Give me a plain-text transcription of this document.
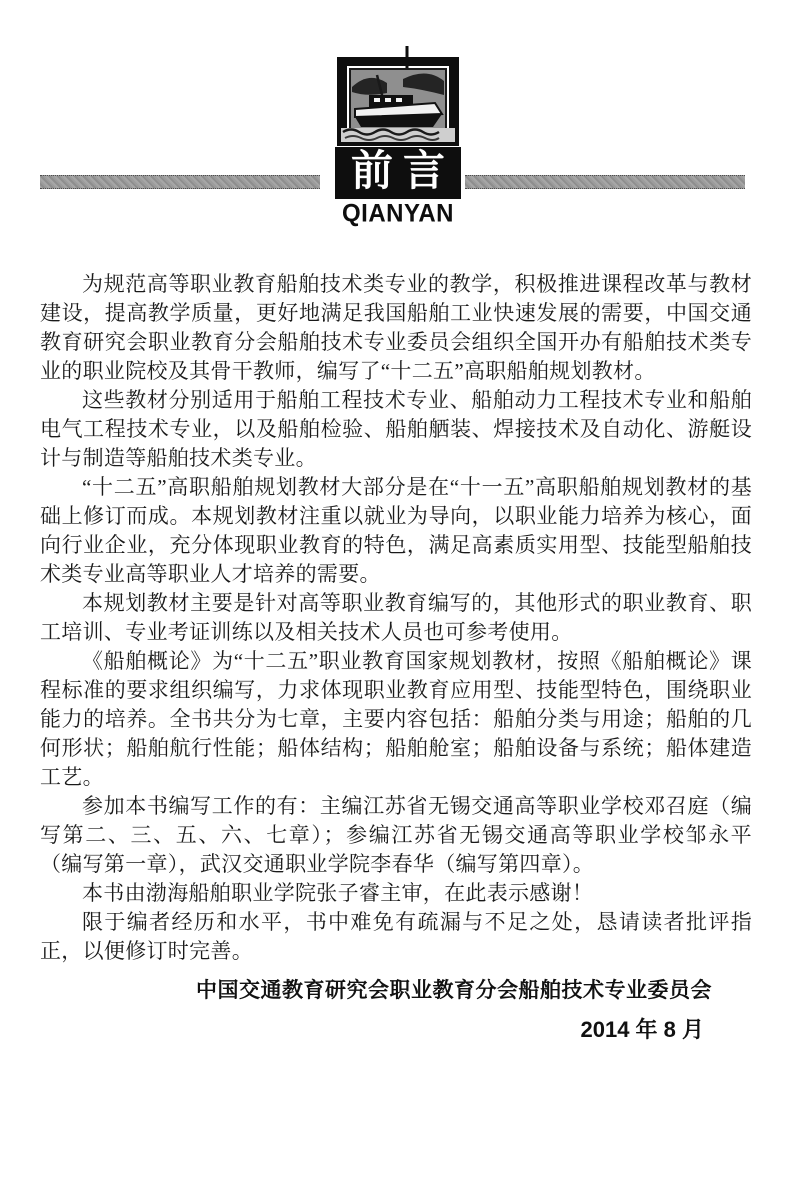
前言
QIANYAN

为规范高等职业教育船舶技术类专业的教学，积极推进课程改革与教材建设，提高教学质量，更好地满足我国船舶工业快速发展的需要，中国交通教育研究会职业教育分会船舶技术专业委员会组织全国开办有船舶技术类专业的职业院校及其骨干教师，编写了“十二五”高职船舶规划教材。

这些教材分别适用于船舶工程技术专业、船舶动力工程技术专业和船舶电气工程技术专业，以及船舶检验、船舶舾装、焊接技术及自动化、游艇设计与制造等船舶技术类专业。

“十二五”高职船舶规划教材大部分是在“十一五”高职船舶规划教材的基础上修订而成。本规划教材注重以就业为导向，以职业能力培养为核心，面向行业企业，充分体现职业教育的特色，满足高素质实用型、技能型船舶技术类专业高等职业人才培养的需要。

本规划教材主要是针对高等职业教育编写的，其他形式的职业教育、职工培训、专业考证训练以及相关技术人员也可参考使用。

《船舶概论》为“十二五”职业教育国家规划教材，按照《船舶概论》课程标准的要求组织编写，力求体现职业教育应用型、技能型特色，围绕职业能力的培养。全书共分为七章，主要内容包括：船舶分类与用途；船舶的几何形状；船舶航行性能；船体结构；船舶舱室；船舶设备与系统；船体建造工艺。

参加本书编写工作的有：主编江苏省无锡交通高等职业学校邓召庭（编写第二、三、五、六、七章）；参编江苏省无锡交通高等职业学校邹永平（编写第一章），武汉交通职业学院李春华（编写第四章）。

本书由渤海船舶职业学院张子睿主审，在此表示感谢！

限于编者经历和水平，书中难免有疏漏与不足之处，恳请读者批评指正，以便修订时完善。

中国交通教育研究会职业教育分会船舶技术专业委员会
2014 年 8 月
